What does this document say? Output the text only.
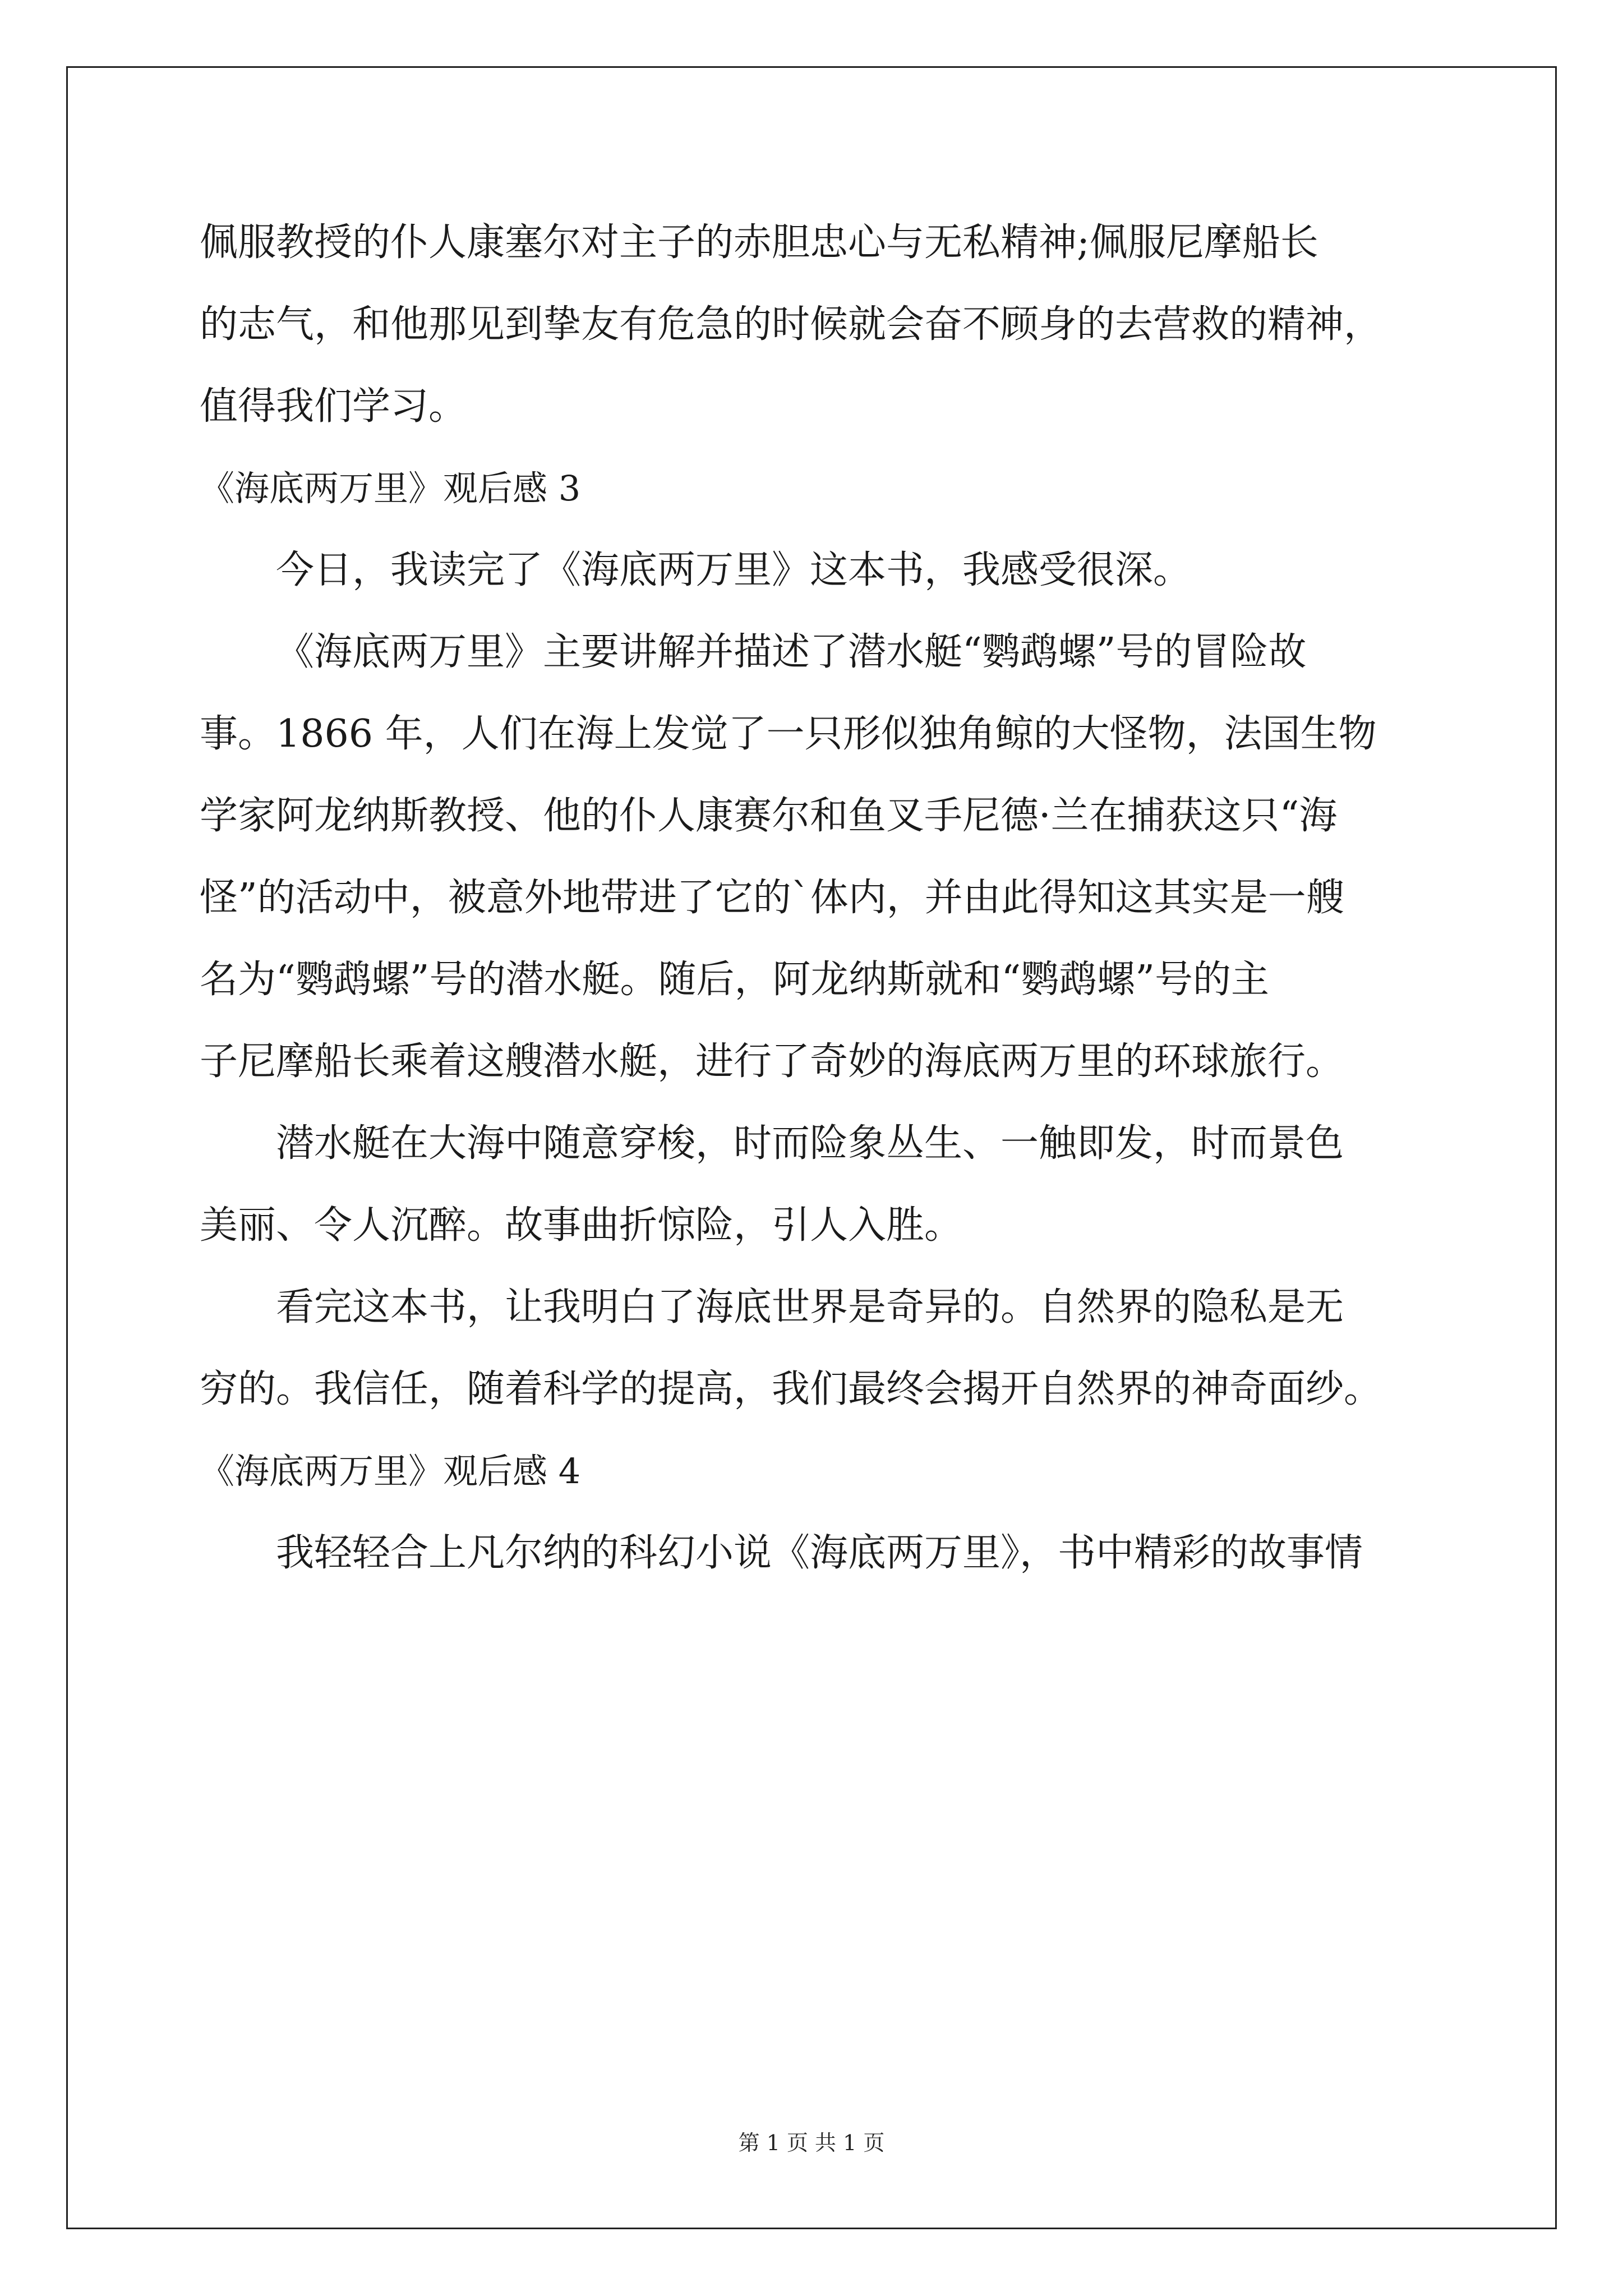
佩服教授的仆人康塞尔对主子的赤胆忠心与无私精神;佩服尼摩船长
的志气，和他那见到挚友有危急的时候就会奋不顾身的去营救的精神，
值得我们学习。
《海底两万里》观后感 3
今日，我读完了《海底两万里》这本书，我感受很深。
《海底两万里》主要讲解并描述了潜水艇“鹦鹉螺”号的冒险故
事。1866 年，人们在海上发觉了一只形似独角鲸的大怪物，法国生物
学家阿龙纳斯教授、他的仆人康赛尔和鱼叉手尼德·兰在捕获这只“海
怪”的活动中，被意外地带进了它的`体内，并由此得知这其实是一艘
名为“鹦鹉螺”号的潜水艇。随后，阿龙纳斯就和“鹦鹉螺”号的主
子尼摩船长乘着这艘潜水艇，进行了奇妙的海底两万里的环球旅行。
潜水艇在大海中随意穿梭，时而险象丛生、一触即发，时而景色
美丽、令人沉醉。故事曲折惊险，引人入胜。
看完这本书，让我明白了海底世界是奇异的。自然界的隐私是无
穷的。我信任，随着科学的提高，我们最终会揭开自然界的神奇面纱。
《海底两万里》观后感 4
我轻轻合上凡尔纳的科幻小说《海底两万里》，书中精彩的故事情
第 1 页 共 1 页
